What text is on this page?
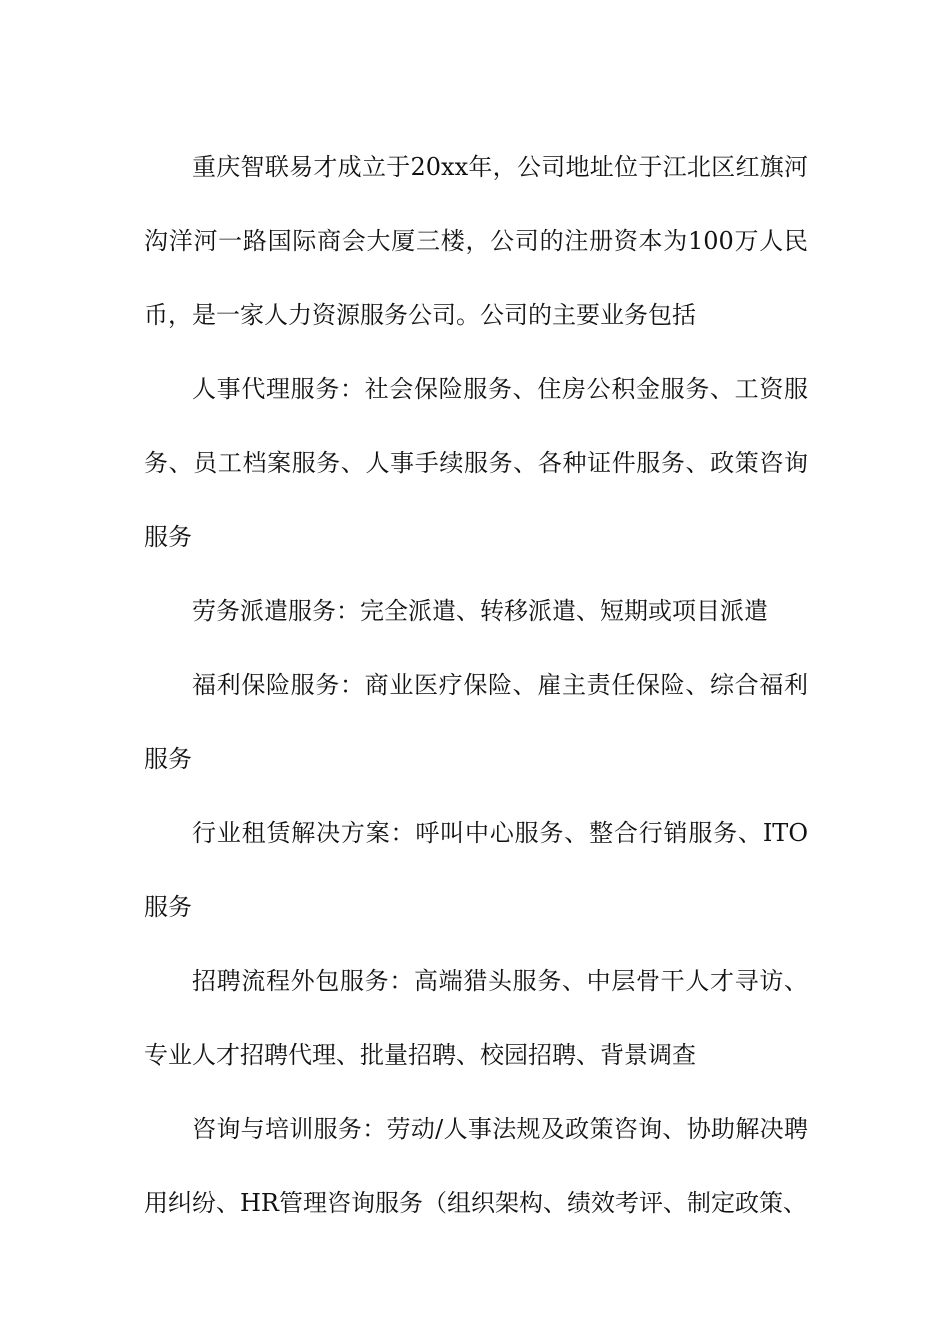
重庆智联易才成立于20xx年，公司地址位于江北区红旗河沟洋河一路国际商会大厦三楼，公司的注册资本为100万人民币，是一家人力资源服务公司。公司的主要业务包括

人事代理服务：社会保险服务、住房公积金服务、工资服务、员工档案服务、人事手续服务、各种证件服务、政策咨询服务

劳务派遣服务：完全派遣、转移派遣、短期或项目派遣

福利保险服务：商业医疗保险、雇主责任保险、综合福利服务

行业租赁解决方案：呼叫中心服务、整合行销服务、ITO服务

招聘流程外包服务：高端猎头服务、中层骨干人才寻访、专业人才招聘代理、批量招聘、校园招聘、背景调查

咨询与培训服务：劳动/人事法规及政策咨询、协助解决聘用纠纷、HR管理咨询服务（组织架构、绩效考评、制定政策、
